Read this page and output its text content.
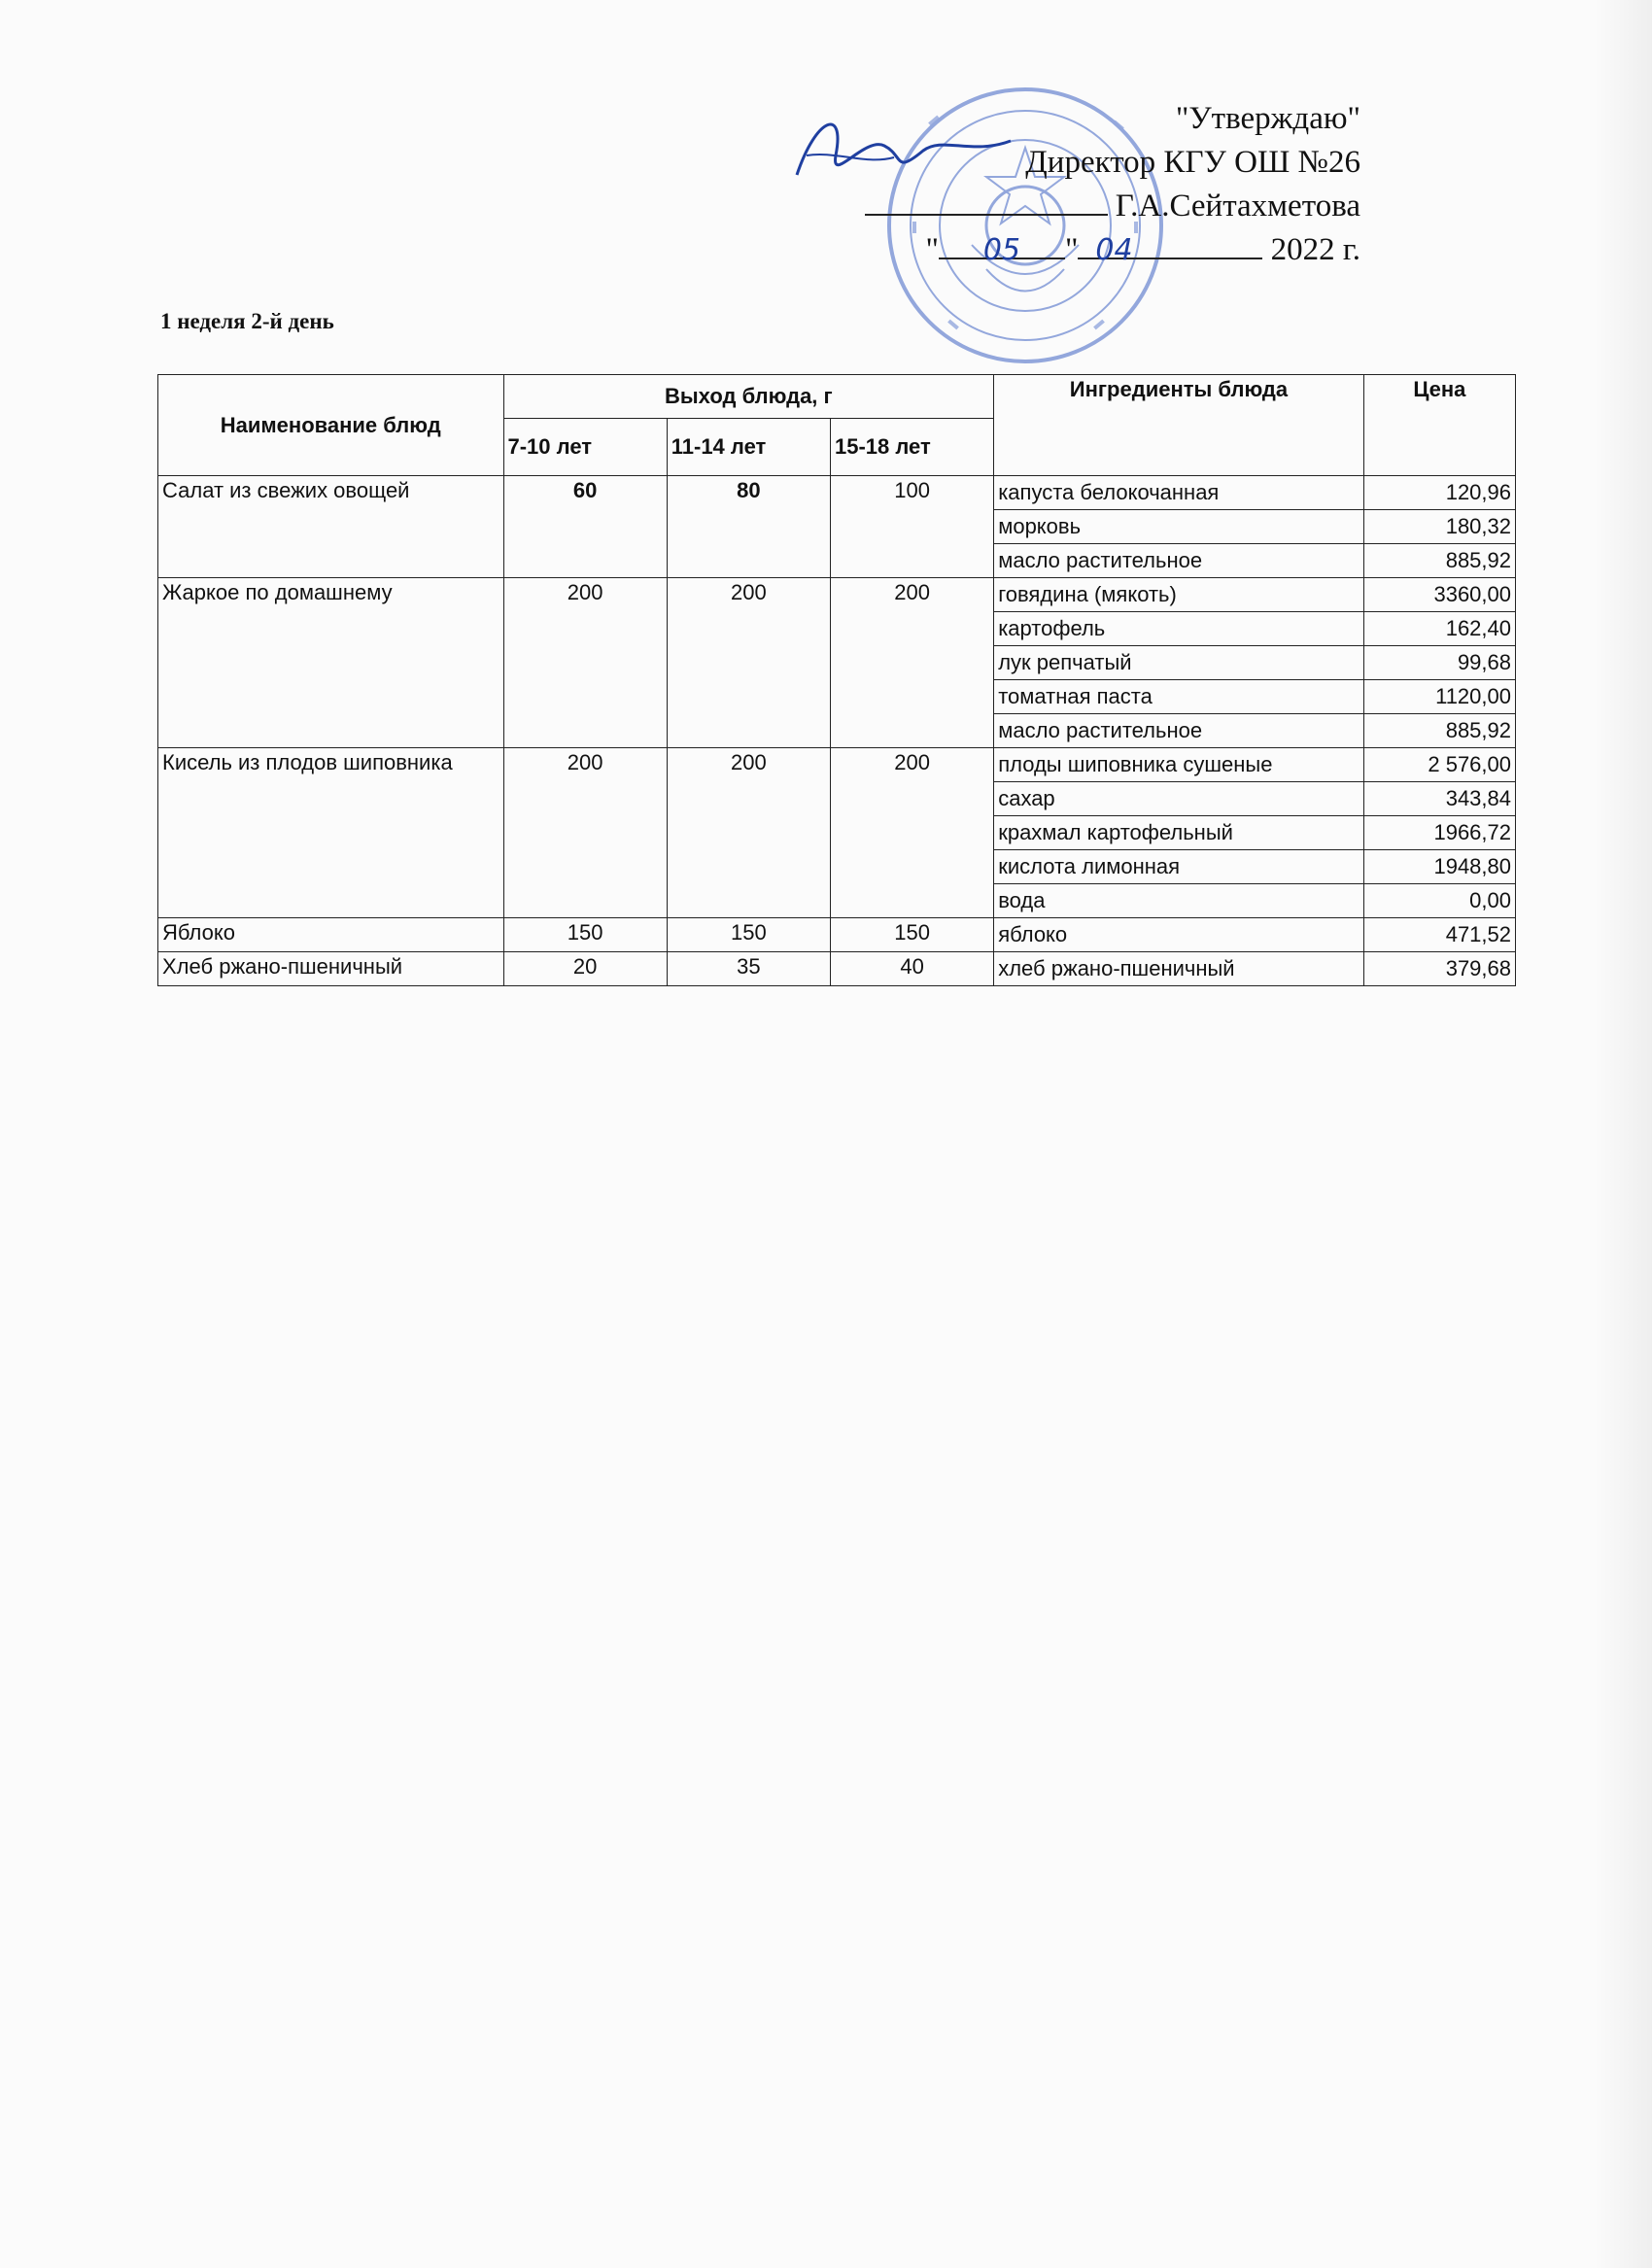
"Утверждаю"
Директор КГУ ОШ №26
Г.А.Сейтахметова
" 05 " 04	2022 г.
1 неделя 2-й день
Наименование блюд	Выход блюда, г			Ингредиенты блюда	Цена
	7-10 лет	11-14 лет	15-18 лет		
Салат из свежих овощей	60	80	100	капуста белокочанная	120,96
				морковь	180,32
				масло растительное	885,92
Жаркое по домашнему	200	200	200	говядина (мякоть)	3360,00
				картофель	162,40
				лук репчатый	99,68
				томатная паста	1120,00
				масло растительное	885,92
Кисель из плодов шиповника	200	200	200	плоды шиповника сушеные	2 576,00
				сахар	343,84
				крахмал картофельный	1966,72
				кислота лимонная	1948,80
				вода	0,00
Яблоко	150	150	150	яблоко	471,52
Хлеб ржано-пшеничный	20	35	40	хлеб ржано-пшеничный	379,68
